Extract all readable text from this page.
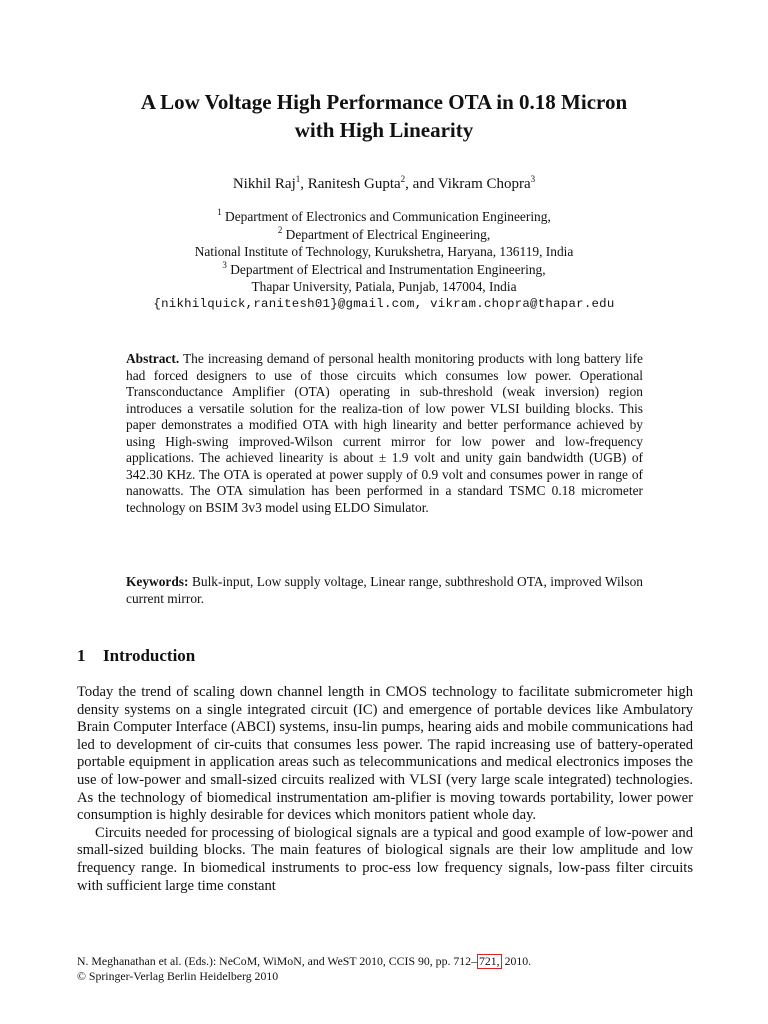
A Low Voltage High Performance OTA in 0.18 Micron
with High Linearity
Nikhil Raj$^1$, Ranitesh Gupta$^2$, and Vikram Chopra$^3$
$^1$ Department of Electronics and Communication Engineering,
$^2$ Department of Electrical Engineering,
National Institute of Technology, Kurukshetra, Haryana, 136119, India
$^3$ Department of Electrical and Instrumentation Engineering,
Thapar University, Patiala, Punjab, 147004, India
{nikhilquick,ranitesh01}@gmail.com, vikram.chopra@thapar.edu

Abstract. The increasing demand of personal health monitoring products with long battery life had forced designers to use of those circuits which consumes low power. Operational Transconductance Amplifier (OTA) operating in sub-threshold (weak inversion) region introduces a versatile solution for the realiza-tion of low power VLSI building blocks. This paper demonstrates a modified OTA with high linearity and better performance achieved by using High-swing improved-Wilson current mirror for low power and low-frequency applications. The achieved linearity is about ± 1.9 volt and unity gain bandwidth (UGB) of 342.30 KHz. The OTA is operated at power supply of 0.9 volt and consumes power in range of nanowatts. The OTA simulation has been performed in a standard TSMC 0.18 micrometer technology on BSIM 3v3 model using ELDO Simulator.

Keywords: Bulk-input, Low supply voltage, Linear range, subthreshold OTA, improved Wilson current mirror.

1 Introduction

Today the trend of scaling down channel length in CMOS technology to facilitate submicrometer high density systems on a single integrated circuit (IC) and emergence of portable devices like Ambulatory Brain Computer Interface (ABCI) systems, insu-lin pumps, hearing aids and mobile communications had led to development of cir-cuits that consumes less power. The rapid increasing use of battery-operated portable equipment in application areas such as telecommunications and medical electronics imposes the use of low-power and small-sized circuits realized with VLSI (very large scale integrated) technologies. As the technology of biomedical instrumentation am-plifier is moving towards portability, lower power consumption is highly desirable for devices which monitors patient whole day.

Circuits needed for processing of biological signals are a typical and good example of low-power and small-sized building blocks. The main features of biological signals are their low amplitude and low frequency range. In biomedical instruments to proc-ess low frequency signals, low-pass filter circuits with sufficient large time constant

N. Meghanathan et al. (Eds.): NeCoM, WiMoN, and WeST 2010, CCIS 90, pp. 712– 721, 2010.
© Springer-Verlag Berlin Heidelberg 2010
